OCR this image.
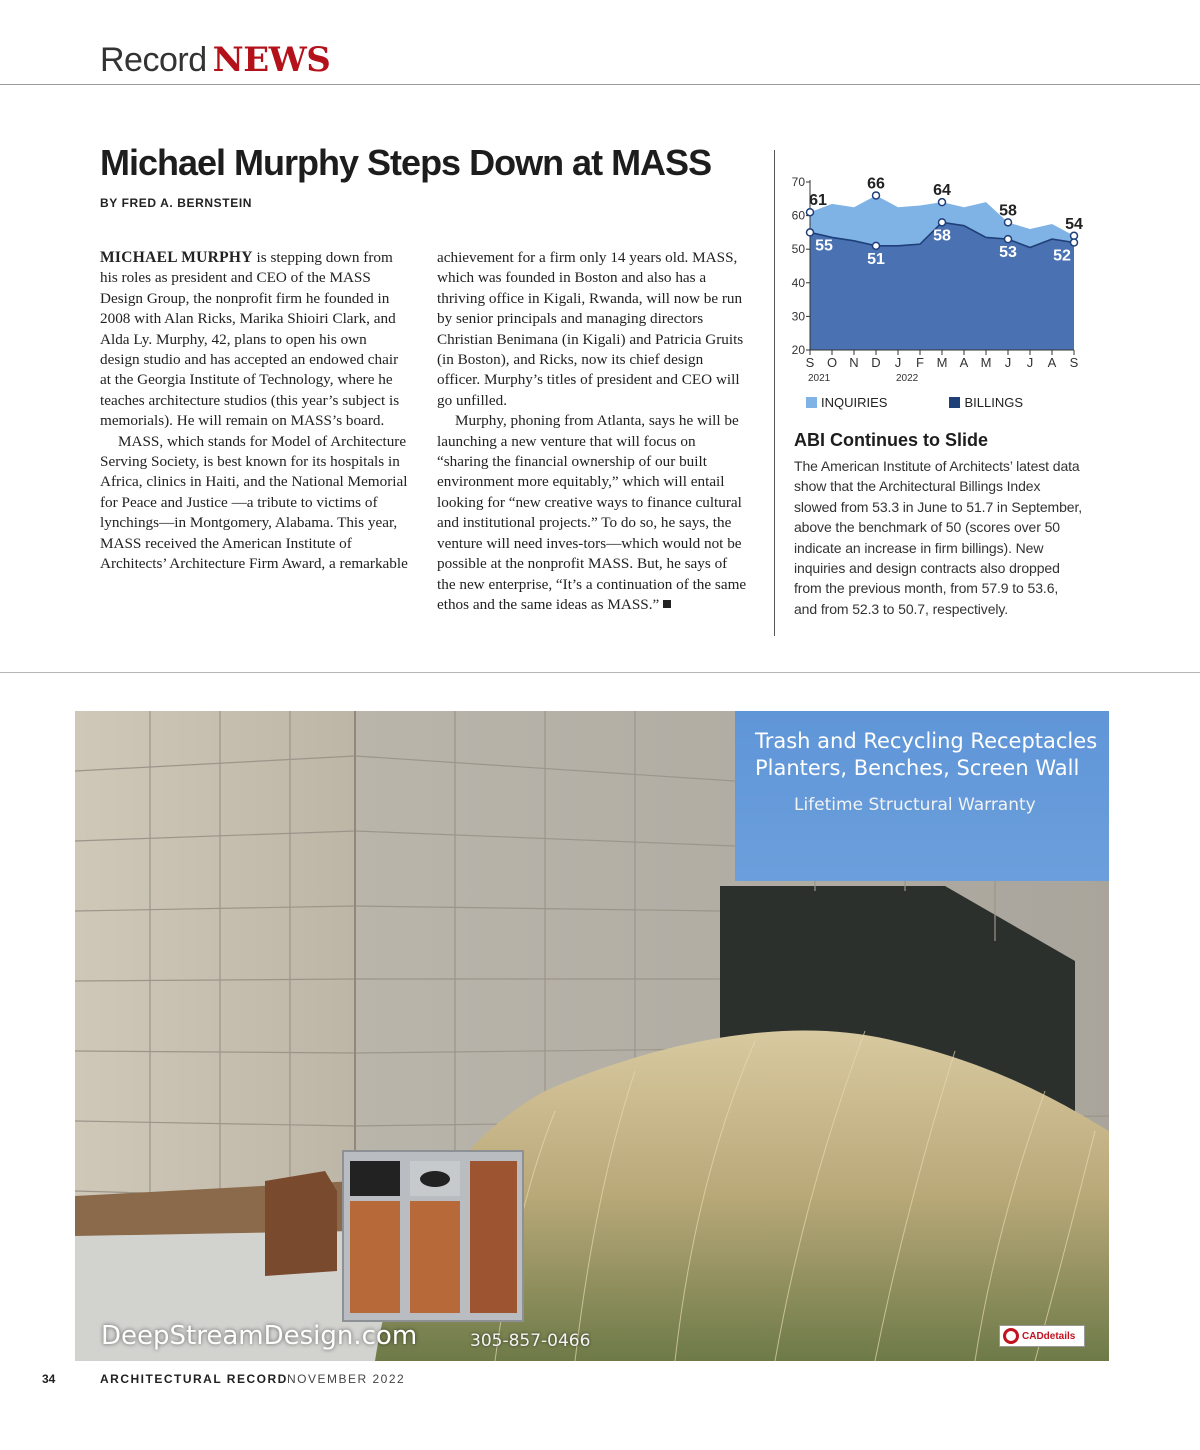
Record NEWS
Michael Murphy Steps Down at MASS
BY FRED A. BERNSTEIN

MICHAEL MURPHY is stepping down from his roles as president and CEO of the MASS Design Group, the nonprofit firm he founded in 2008 with Alan Ricks, Marika Shioiri Clark, and Alda Ly. Murphy, 42, plans to open his own design studio and has accepted an endowed chair at the Georgia Institute of Technology, where he teaches architecture studios (this year’s subject is memorials). He will remain on MASS’s board.

MASS, which stands for Model of Architecture Serving Society, is best known for its hospitals in Africa, clinics in Haiti, and the National Memorial for Peace and Justice —a tribute to victims of lynchings—in Montgomery, Alabama. This year, MASS received the American Institute of Architects’ Architecture Firm Award, a remarkable

achievement for a firm only 14 years old. MASS, which was founded in Boston and also has a thriving office in Kigali, Rwanda, will now be run by senior principals and managing directors Christian Benimana (in Kigali) and Patricia Gruits (in Boston), and Ricks, now its chief design officer. Murphy’s titles of president and CEO will go unfilled.

Murphy, phoning from Atlanta, says he will be launching a new venture that will focus on “sharing the financial ownership of our built environment more equitably,” which will entail looking for “new creative ways to finance cultural and institutional projects.” To do so, he says, the venture will need inves-tors—which would not be possible at the nonprofit MASS. But, he says of the new enterprise, “It’s a continuation of the same ethos and the same ideas as MASS.”

20
30
40
50
60
70
S O N D J F M A M J J A S
2021	2022
61
66	64
58
54
55
51
58
53 52
INQUIRIES	BILLINGS
ABI Continues to Slide
The American Institute of Architects’ latest data show that the Architectural Billings Index slowed from 53.3 in June to 51.7 in September, above the benchmark of 50 (scores over 50 indicate an increase in firm billings). New inquiries and design contracts also dropped from the previous month, from 57.9 to 53.6, and from 52.3 to 50.7, respectively.
Trash and Recycling Receptacles
Planters, Benches, Screen Wall
Lifetime Structural Warranty
DeepStreamDesign.com	305-857-0466	CADdetails
34	ARCHITECTURAL RECORD NOVEMBER 2022
